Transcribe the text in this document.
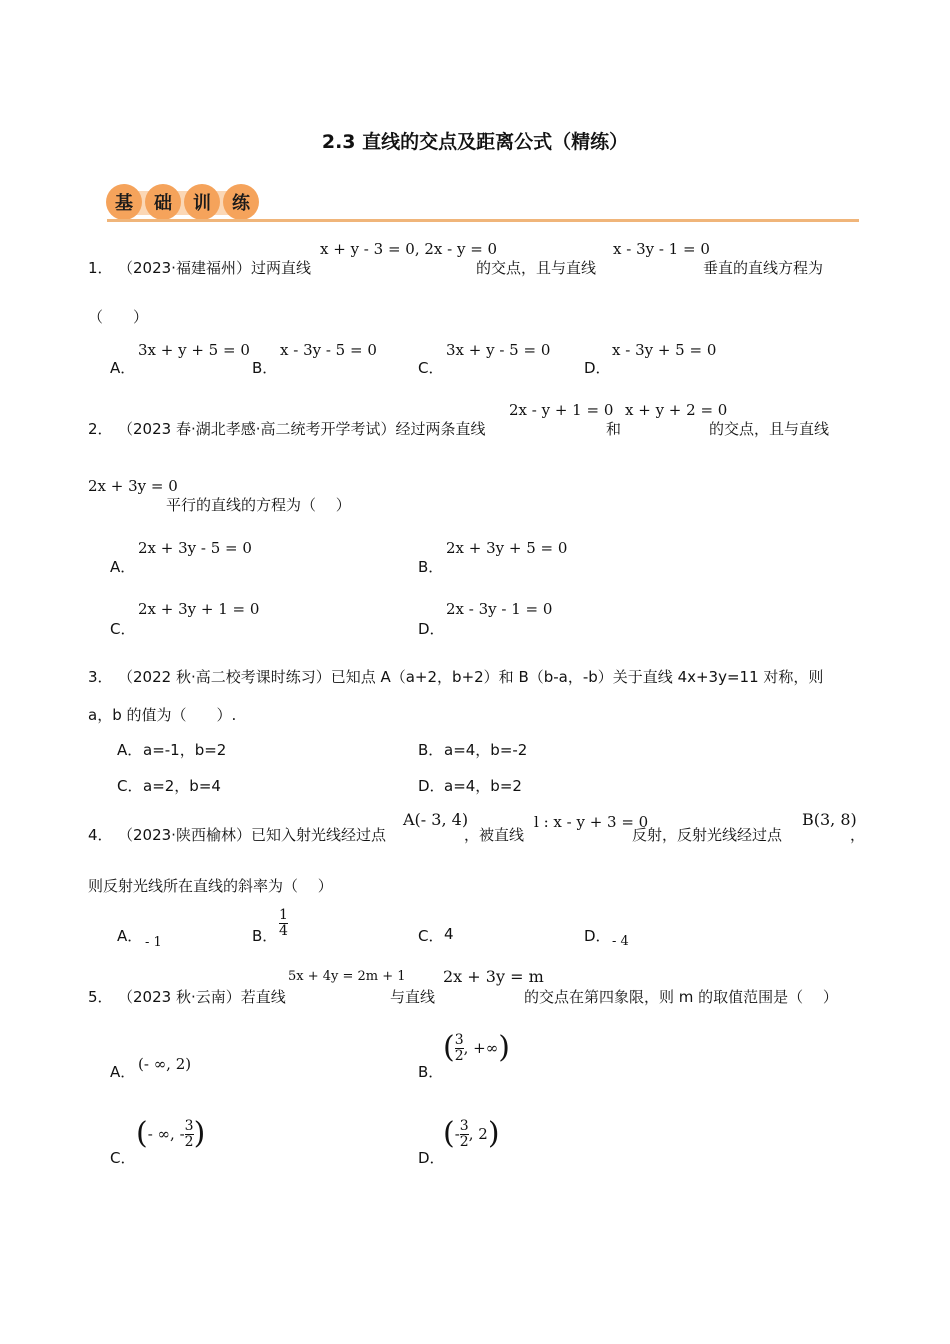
2.3 直线的交点及距离公式（精练）
基	础	训	练
1． （2023·福建福州）过两直线
x + y - 3 = 0, 2x - y = 0
的交点，且与直线
x - 3y - 1 = 0
垂直的直线方程为
（　　）
A．
3x + y + 5 = 0
B．
x - 3y - 5 = 0
C．
3x + y - 5 = 0
D．
x - 3y + 5 = 0
2． （2023 春·湖北孝感·高二统考开学考试）经过两条直线
2x - y + 1 = 0
和
x + y + 2 = 0
的交点，且与直线
2x + 3y = 0
平行的直线的方程为（　 ）
A．
2x + 3y - 5 = 0
B．
2x + 3y + 5 = 0
C．
2x + 3y + 1 = 0
D．
2x - 3y - 1 = 0
3． （2022 秋·高二校考课时练习）已知点 A（a+2，b+2）和 B（b-a，-b）关于直线 4x+3y=11 对称，则
a，b 的值为（　　）.
A． a=-1，b=2	B． a=4，b=-2
C． a=2，b=4	D． a=4，b=2
4． （2023·陕西榆林）已知入射光线经过点
A(- 3, 4)
，被直线
l : x - y + 3 = 0
反射，反射光线经过点
B(3, 8)
，
则反射光线所在直线的斜率为（　 ）
A． - 1	B．
1
4	C． 4	D． - 4
5． （2023 秋·云南）若直线
5x + 4y = 2m + 1
与直线
2x + 3y = m
的交点在第四象限，则 m 的取值范围是（　 ）
A． (- ∞, 2)	B．
( $\frac{3}{2}$ , +∞ )
C．
( - ∞, - $\frac{3}{2}$ )
D．
( - $\frac{3}{2}$ , 2 )
